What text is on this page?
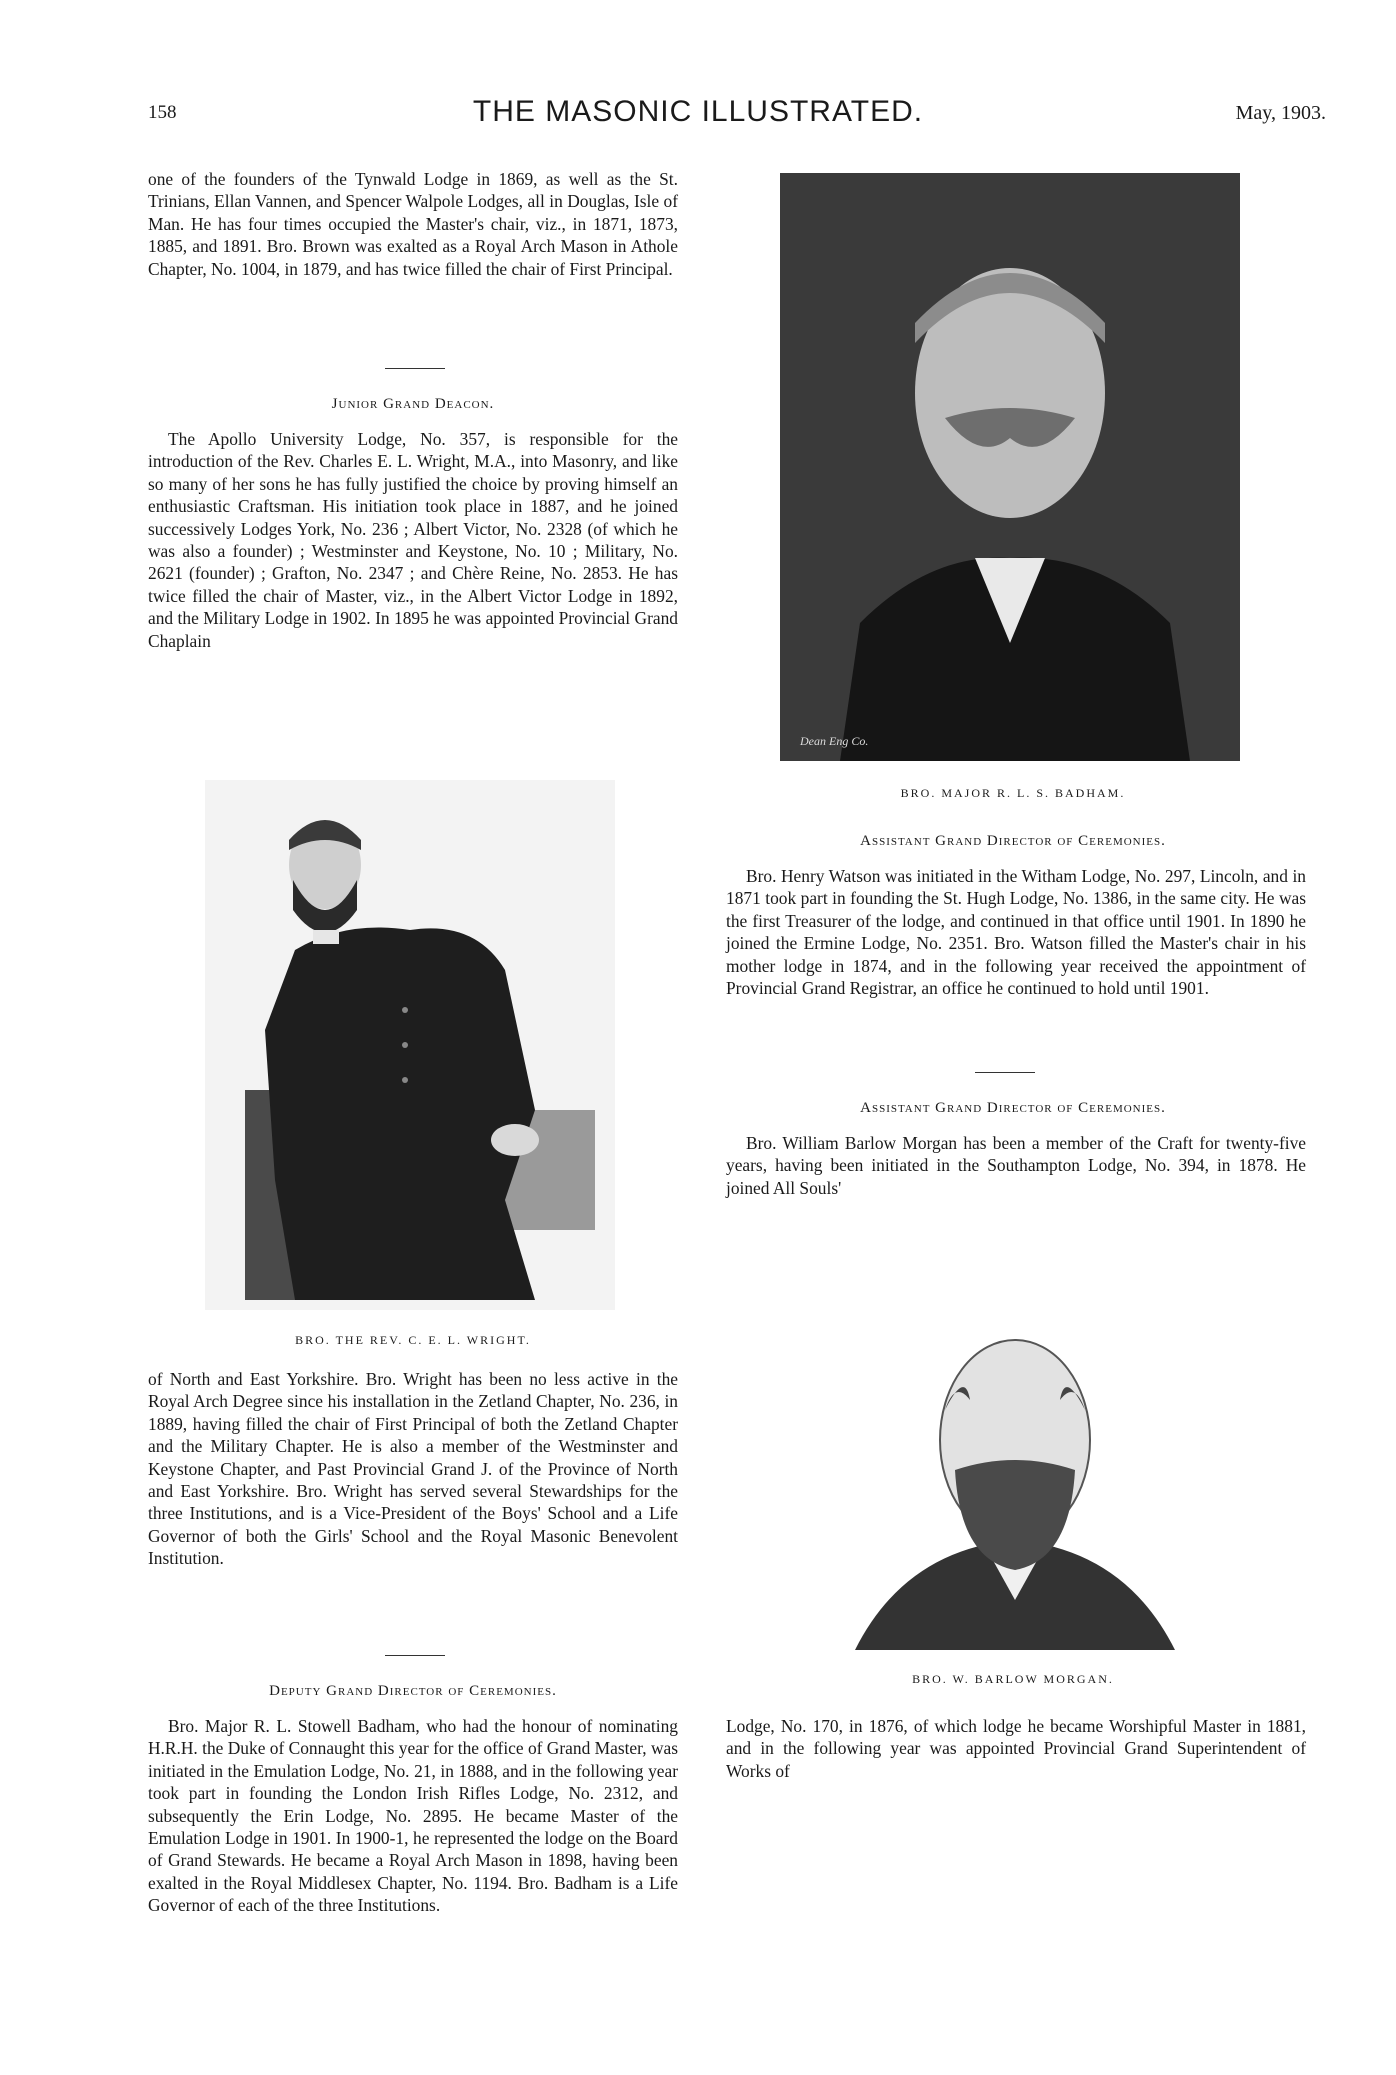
158	THE MASONIC ILLUSTRATED.	May, 1903.

one of the founders of the Tynwald Lodge in 1869, as well as the St. Trinians, Ellan Vannen, and Spencer Walpole Lodges, all in Douglas, Isle of Man. He has four times occupied the Master's chair, viz., in 1871, 1873, 1885, and 1891. Bro. Brown was exalted as a Royal Arch Mason in Athole Chapter, No. 1004, in 1879, and has twice filled the chair of First Principal.

Junior Grand Deacon.

The Apollo University Lodge, No. 357, is responsible for the introduction of the Rev. Charles E. L. Wright, M.A., into Masonry, and like so many of her sons he has fully justified the choice by proving himself an enthusiastic Craftsman. His initiation took place in 1887, and he joined successively Lodges York, No. 236 ; Albert Victor, No. 2328 (of which he was also a founder) ; Westminster and Keystone, No. 10 ; Military, No. 2621 (founder) ; Grafton, No. 2347 ; and Chère Reine, No. 2853. He has twice filled the chair of Master, viz., in the Albert Victor Lodge in 1892, and the Military Lodge in 1902. In 1895 he was appointed Provincial Grand Chaplain

BRO. THE REV. C. E. L. WRIGHT.

of North and East Yorkshire. Bro. Wright has been no less active in the Royal Arch Degree since his installation in the Zetland Chapter, No. 236, in 1889, having filled the chair of First Principal of both the Zetland Chapter and the Military Chapter. He is also a member of the Westminster and Keystone Chapter, and Past Provincial Grand J. of the Province of North and East Yorkshire. Bro. Wright has served several Stewardships for the three Institutions, and is a Vice-President of the Boys' School and a Life Governor of both the Girls' School and the Royal Masonic Benevolent Institution.

Deputy Grand Director of Ceremonies.

Bro. Major R. L. Stowell Badham, who had the honour of nominating H.R.H. the Duke of Connaught this year for the office of Grand Master, was initiated in the Emulation Lodge, No. 21, in 1888, and in the following year took part in founding the London Irish Rifles Lodge, No. 2312, and subsequently the Erin Lodge, No. 2895. He became Master of the Emulation Lodge in 1901. In 1900-1, he represented the lodge on the Board of Grand Stewards. He became a Royal Arch Mason in 1898, having been exalted in the Royal Middlesex Chapter, No. 1194. Bro. Badham is a Life Governor of each of the three Institutions.

Dean Eng Co.
BRO. MAJOR R. L. S. BADHAM.
Assistant Grand Director of Ceremonies.

Bro. Henry Watson was initiated in the Witham Lodge, No. 297, Lincoln, and in 1871 took part in founding the St. Hugh Lodge, No. 1386, in the same city. He was the first Treasurer of the lodge, and continued in that office until 1901. In 1890 he joined the Ermine Lodge, No. 2351. Bro. Watson filled the Master's chair in his mother lodge in 1874, and in the following year received the appointment of Provincial Grand Registrar, an office he continued to hold until 1901.

Assistant Grand Director of Ceremonies.

Bro. William Barlow Morgan has been a member of the Craft for twenty-five years, having been initiated in the Southampton Lodge, No. 394, in 1878. He joined All Souls'

BRO. W. BARLOW MORGAN.

Lodge, No. 170, in 1876, of which lodge he became Worshipful Master in 1881, and in the following year was appointed Provincial Grand Superintendent of Works of
